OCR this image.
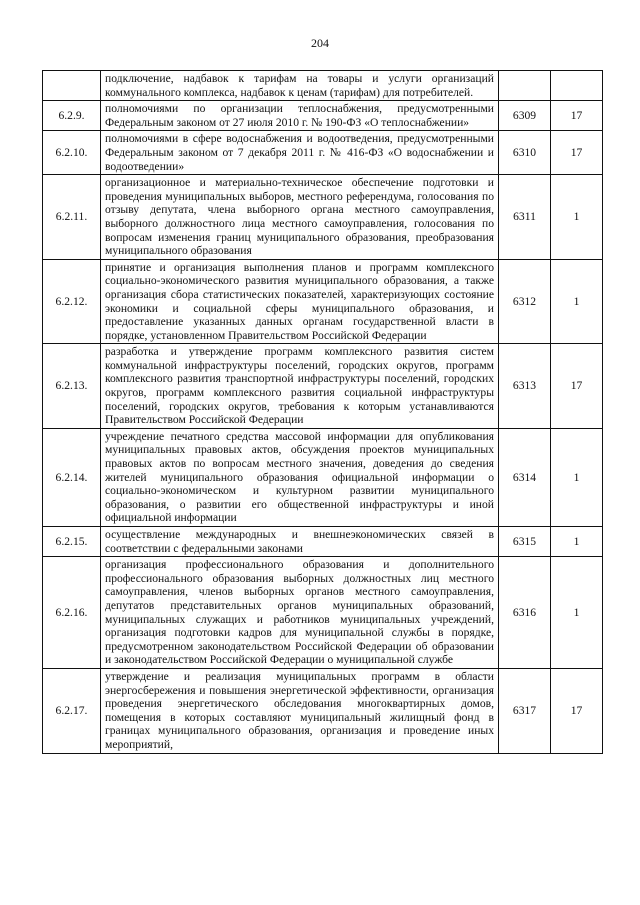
204
	подключение, надбавок к тарифам на товары и услуги организаций коммунального комплекса, надбавок к ценам (тарифам) для потребителей.		
6.2.9.	полномочиями по организации теплоснабжения, предусмотренными Федеральным законом от 27 июля 2010 г. № 190-ФЗ «О теплоснабжении»	6309	17
6.2.10.	полномочиями в сфере водоснабжения и водоотведения, предусмотренными Федеральным законом от 7 декабря 2011 г. № 416-ФЗ «О водоснабжении и водоотведении»	6310	17
6.2.11.	организационное и материально-техническое обеспечение подготовки и проведения муниципальных выборов, местного референдума, голосования по отзыву депутата, члена выборного органа местного самоуправления, выборного должностного лица местного самоуправления, голосования по вопросам изменения границ муниципального образования, преобразования муниципального образования	6311	1
6.2.12.	принятие и организация выполнения планов и программ комплексного социально-экономического развития муниципального образования, а также организация сбора статистических показателей, характеризующих состояние экономики и социальной сферы муниципального образования, и предоставление указанных данных органам государственной власти в порядке, установленном Правительством Российской Федерации	6312	1
6.2.13.	разработка и утверждение программ комплексного развития систем коммунальной инфраструктуры поселений, городских округов, программ комплексного развития транспортной инфраструктуры поселений, городских округов, программ комплексного развития социальной инфраструктуры поселений, городских округов, требования к которым устанавливаются Правительством Российской Федерации	6313	17
6.2.14.	учреждение печатного средства массовой информации для опубликования муниципальных правовых актов, обсуждения проектов муниципальных правовых актов по вопросам местного значения, доведения до сведения жителей муниципального образования официальной информации о социально-экономическом и культурном развитии муниципального образования, о развитии его общественной инфраструктуры и иной официальной информации	6314	1
6.2.15.	осуществление международных и внешнеэкономических связей в соответствии с федеральными законами	6315	1
6.2.16.	организация профессионального образования и дополнительного профессионального образования выборных должностных лиц местного самоуправления, членов выборных органов местного самоуправления, депутатов представительных органов муниципальных образований, муниципальных служащих и работников муниципальных учреждений, организация подготовки кадров для муниципальной службы в порядке, предусмотренном законодательством Российской Федерации об образовании и законодательством Российской Федерации о муниципальной службе	6316	1
6.2.17.	утверждение и реализация муниципальных программ в области энергосбережения и повышения энергетической эффективности, организация проведения энергетического обследования многоквартирных домов, помещения в которых составляют муниципальный жилищный фонд в границах муниципального образования, организация и проведение иных мероприятий,	6317	17
